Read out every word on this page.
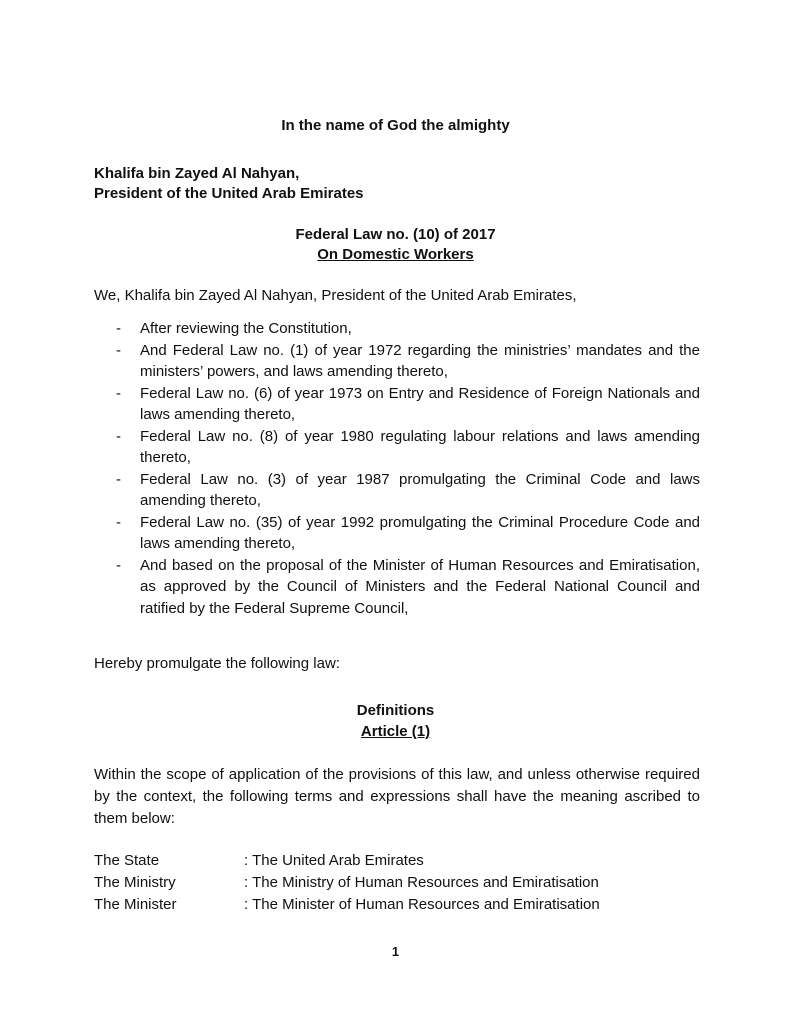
In the name of God the almighty
Khalifa bin Zayed Al Nahyan,
President of the United Arab Emirates
Federal Law no. (10) of 2017
On Domestic Workers
We, Khalifa bin Zayed Al Nahyan, President of the United Arab Emirates,
- After reviewing the Constitution,
- And Federal Law no. (1) of year 1972 regarding the ministries’ mandates and the ministers’ powers, and laws amending thereto,
- Federal Law no. (6) of year 1973 on Entry and Residence of Foreign Nationals and laws amending thereto,
- Federal Law no. (8) of year 1980 regulating labour relations and laws amending thereto,
- Federal Law no. (3) of year 1987 promulgating the Criminal Code and laws amending thereto,
- Federal Law no. (35) of year 1992 promulgating the Criminal Procedure Code and laws amending thereto,
- And based on the proposal of the Minister of Human Resources and Emiratisation, as approved by the Council of Ministers and the Federal National Council and ratified by the Federal Supreme Council,
Hereby promulgate the following law:
Definitions
Article (1)
Within the scope of application of the provisions of this law, and unless otherwise required by the context, the following terms and expressions shall have the meaning ascribed to them below:
The State	: The United Arab Emirates
The Ministry	: The Ministry of Human Resources and Emiratisation
The Minister	: The Minister of Human Resources and Emiratisation
1
